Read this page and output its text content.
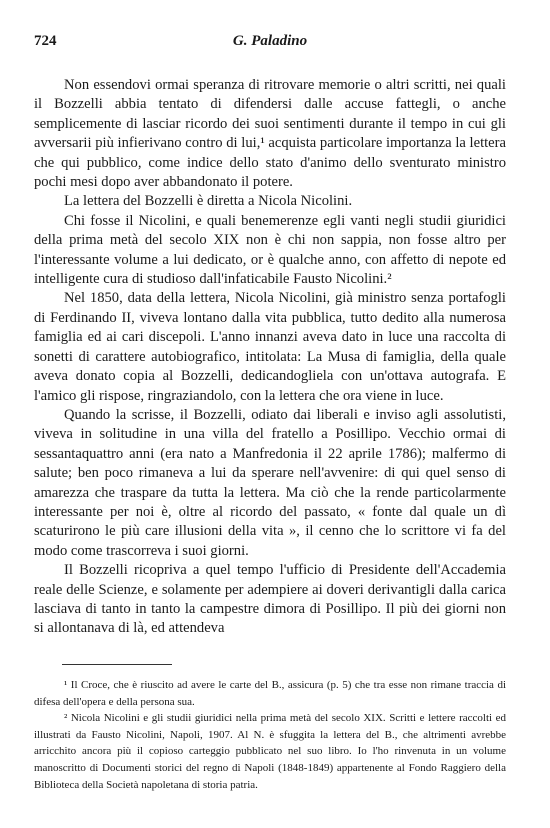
724	G. Paladino

Non essendovi ormai speranza di ritrovare memorie o altri scritti, nei quali il Bozzelli abbia tentato di difendersi dalle accuse fattegli, o anche semplicemente di lasciar ricordo dei suoi sentimenti durante il tempo in cui gli avversarii più infierivano contro di lui,¹ acquista particolare importanza la lettera che qui pubblico, come indice dello stato d'animo dello sventurato ministro pochi mesi dopo aver abbandonato il potere.

La lettera del Bozzelli è diretta a Nicola Nicolini.

Chi fosse il Nicolini, e quali benemerenze egli vanti negli studii giuridici della prima metà del secolo XIX non è chi non sappia, non fosse altro per l'interessante volume a lui dedicato, or è qualche anno, con affetto di nepote ed intelligente cura di studioso dall'infaticabile Fausto Nicolini.²

Nel 1850, data della lettera, Nicola Nicolini, già ministro senza portafogli di Ferdinando II, viveva lontano dalla vita pubblica, tutto dedito alla numerosa famiglia ed ai cari discepoli. L'anno innanzi aveva dato in luce una raccolta di sonetti di carattere autobiografico, intitolata: La Musa di famiglia, della quale aveva donato copia al Bozzelli, dedicandogliela con un'ottava autografa. E l'amico gli rispose, ringraziandolo, con la lettera che ora viene in luce.

Quando la scrisse, il Bozzelli, odiato dai liberali e inviso agli assolutisti, viveva in solitudine in una villa del fratello a Posillipo. Vecchio ormai di sessantaquattro anni (era nato a Manfredonia il 22 aprile 1786); malfermo di salute; ben poco rimaneva a lui da sperare nell'avvenire: di qui quel senso di amarezza che traspare da tutta la lettera. Ma ciò che la rende particolarmente interessante per noi è, oltre al ricordo del passato, « fonte dal quale un dì scaturirono le più care illusioni della vita », il cenno che lo scrittore vi fa del modo come trascorreva i suoi giorni.

Il Bozzelli ricopriva a quel tempo l'ufficio di Presidente dell'Accademia reale delle Scienze, e solamente per adempiere ai doveri derivantigli dalla carica lasciava di tanto in tanto la campestre dimora di Posillipo. Il più dei giorni non si allontanava di là, ed attendeva

¹ Il Croce, che è riuscito ad avere le carte del B., assicura (p. 5) che tra esse non rimane traccia di difesa dell'opera e della persona sua.

² Nicola Nicolini e gli studii giuridici nella prima metà del secolo XIX. Scritti e lettere raccolti ed illustrati da Fausto Nicolini, Napoli, 1907. Al N. è sfuggita la lettera del B., che altrimenti avrebbe arricchito ancora più il copioso carteggio pubblicato nel suo libro. Io l'ho rinvenuta in un volume manoscritto di Documenti storici del regno di Napoli (1848-1849) appartenente al Fondo Raggiero della Biblioteca della Società napoletana di storia patria.
